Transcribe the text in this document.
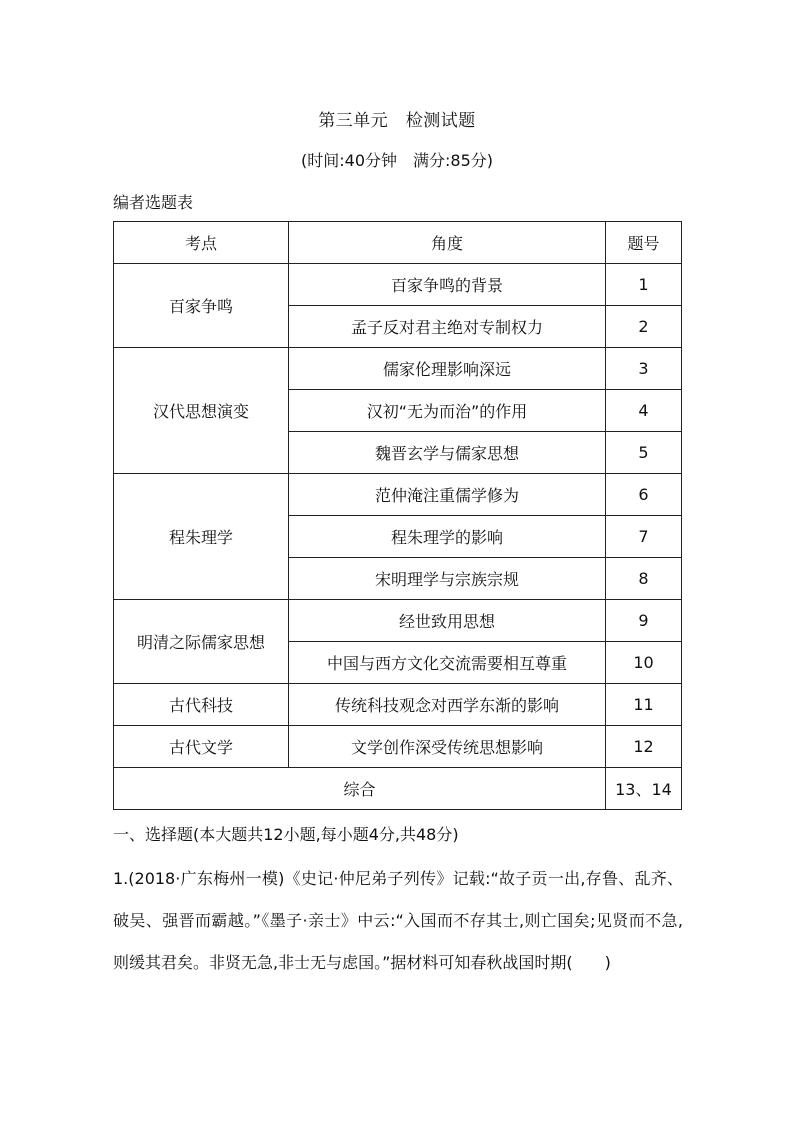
第三单元　检测试题
(时间:40分钟　满分:85分)
编者选题表
考点	角度	题号
百家争鸣	百家争鸣的背景	1
	孟子反对君主绝对专制权力	2
汉代思想演变	儒家伦理影响深远	3
	汉初“无为而治”的作用	4
	魏晋玄学与儒家思想	5
程朱理学	范仲淹注重儒学修为	6
	程朱理学的影响	7
	宋明理学与宗族宗规	8
明清之际儒家思想	经世致用思想	9
	中国与西方文化交流需要相互尊重	10
古代科技	传统科技观念对西学东渐的影响	11
古代文学	文学创作深受传统思想影响	12
综合		13、14
一、选择题(本大题共12小题,每小题4分,共48分)
1.(2018·广东梅州一模)《史记·仲尼弟子列传》记载:“故子贡一出,存鲁、乱齐、破吴、强晋而霸越。”《墨子·亲士》中云:“入国而不存其士,则亡国矣;见贤而不急,则缓其君矣。非贤无急,非士无与虑国。”据材料可知春秋战国时期(　　)
